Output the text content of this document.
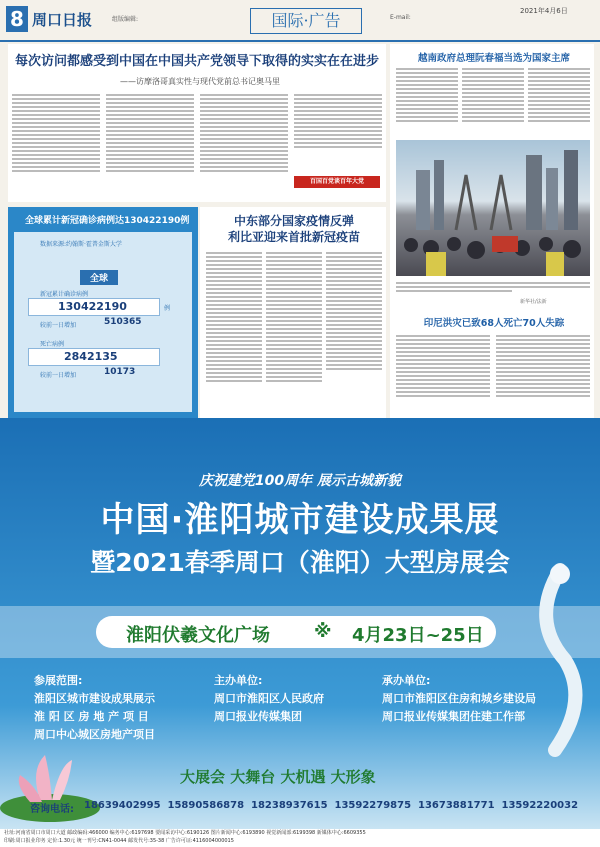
8 周口日报	组版编辑:	国际·广告	E-mail:
2021年4月6日
每次访问都感受到中国在中国共产党领导下取得的实实在在进步
——访摩洛哥真实性与现代党前总书记奥马里
百国百党谈百年大党
全球累计新冠确诊病例达130422190例
数据来源:约翰斯·霍普金斯大学
全球
新冠累计确诊病例
130422190	例
较前一日增加	510365
死亡病例
2842135
较前一日增加	10173
中东部分国家疫情反弹
利比亚迎来首批新冠疫苗
越南政府总理阮春福当选为国家主席
新华社/法新
印尼洪灾已致68人死亡70人失踪
庆祝建党100周年 展示古城新貌
中国·淮阳城市建设成果展
暨2021春季周口（淮阳）大型房展会
淮阳伏羲文化广场 ※ 4月23日~25日
参展范围:
淮阳区城市建设成果展示
淮 阳 区 房 地 产 项 目
周口中心城区房地产项目
主办单位:
周口市淮阳区人民政府
周口报业传媒集团
承办单位:
周口市淮阳区住房和城乡建设局
周口报业传媒集团住建工作部
大展会 大舞台 大机遇 大形象
咨询电话: 18639402995  15890586878  18238937615  13592279875  13673881771  13592220032
社址:河南省周口市周口大道 邮政编码:466000 编务中心:6197698 要闻采访中心:6190126 图片新闻中心:6193890 视觉新闻部:6199398 新媒体中心:6609355
印刷:周口报业印务 定价:1.30元 统一刊号:CN41-0044 邮发代号:35-38 广告许可证:4116004000015
